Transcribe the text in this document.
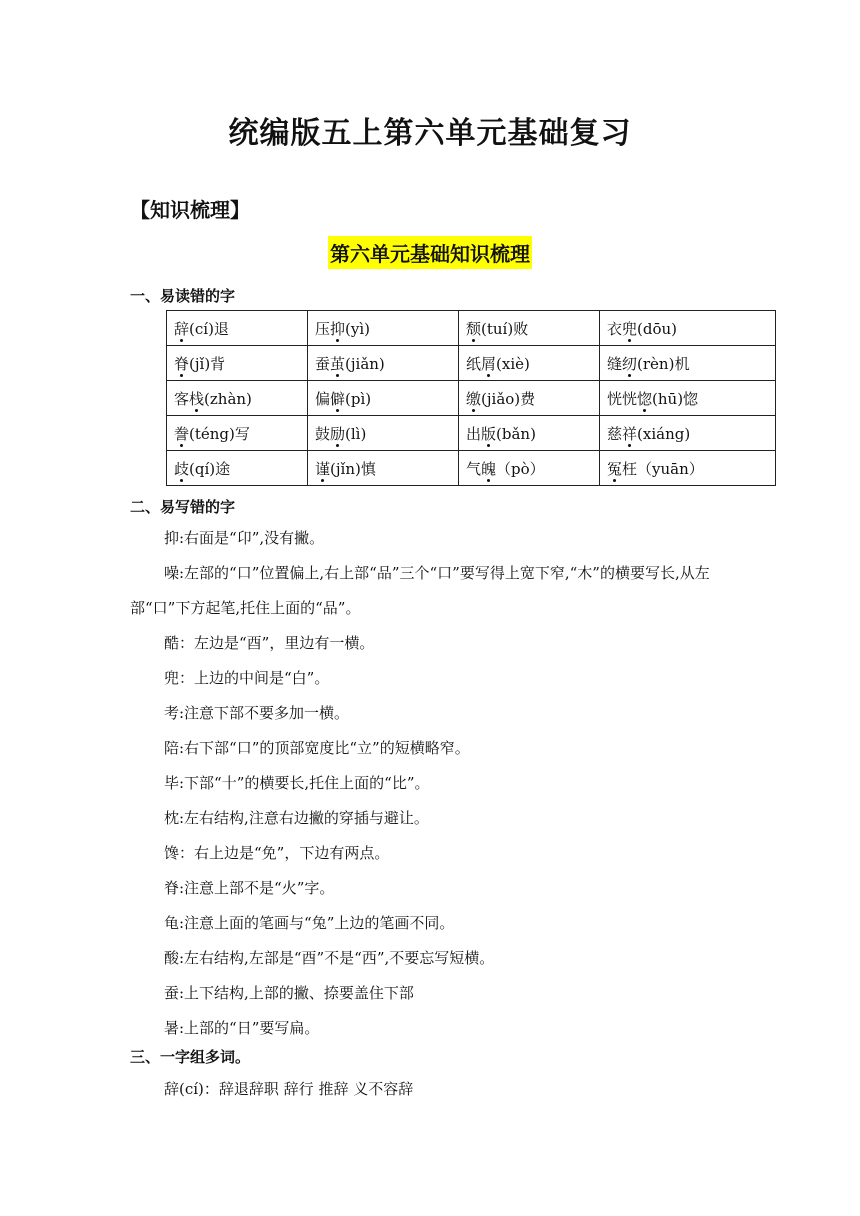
统编版五上第六单元基础复习
【知识梳理】
第六单元基础知识梳理
一、易读错的字
辞(cí)退	压抑(yì)	颓(tuí)败	衣兜(dōu)
脊(jǐ)背	蚕茧(jiǎn)	纸屑(xiè)	缝纫(rèn)机
客栈(zhàn)	偏僻(pì)	缴(jiǎo)费	恍恍惚(hū)惚
誊(téng)写	鼓励(lì)	出版(bǎn)	慈祥(xiáng)
歧(qí)途	谨(jǐn)慎	气魄（pò）	冤枉（yuān）
二、易写错的字

抑:右面是“卬”,没有撇。

噪:左部的“口”位置偏上,右上部“品”三个“口”要写得上宽下窄,“木”的横要写长,从左部“口”下方起笔,托住上面的“品”。

酷：左边是“酉”，里边有一横。

兜：上边的中间是“白”。

考:注意下部不要多加一横。

陪:右下部“口”的顶部宽度比“立”的短横略窄。

毕:下部“十”的横要长,托住上面的“比”。

枕:左右结构,注意右边撇的穿插与避让。

馋：右上边是“免”，下边有两点。

脊:注意上部不是“火”字。

龟:注意上面的笔画与“兔”上边的笔画不同。

酸:左右结构,左部是“酉”不是“西”,不要忘写短横。

蚕:上下结构,上部的撇、捺要盖住下部

暑:上部的“日”要写扁。

三、一字组多词。

辞(cí)：辞退辞职 辞行 推辞 义不容辞
